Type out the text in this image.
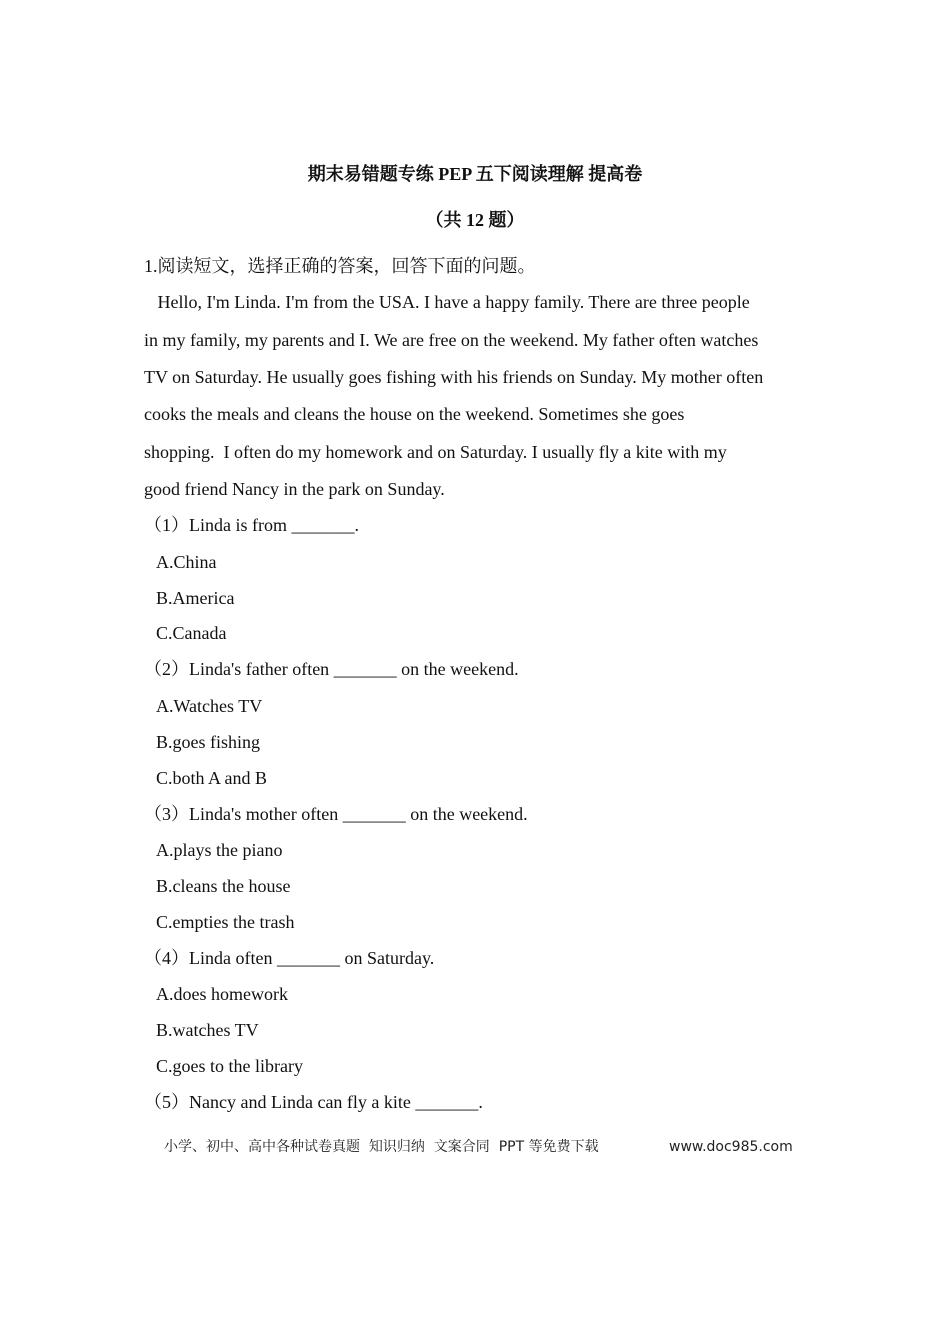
期末易错题专练 PEP 五下阅读理解 提高卷
（共 12 题）
1.阅读短文，选择正确的答案，回答下面的问题。
Hello, I'm Linda. I'm from the USA. I have a happy family. There are three people
in my family, my parents and I. We are free on the weekend. My father often watches
TV on Saturday. He usually goes fishing with his friends on Sunday. My mother often
cooks the meals and cleans the house on the weekend. Sometimes she goes
shopping.  I often do my homework and on Saturday. I usually fly a kite with my
good friend Nancy in the park on Sunday.
（1）Linda is from _______.
A.China
B.America
C.Canada
（2）Linda's father often _______ on the weekend.
A.Watches TV
B.goes fishing
C.both A and B
（3）Linda's mother often _______ on the weekend.
A.plays the piano
B.cleans the house
C.empties the trash
（4）Linda often _______ on Saturday.
A.does homework
B.watches TV
C.goes to the library
（5）Nancy and Linda can fly a kite _______.
小学、初中、高中各种试卷真题  知识归纳  文案合同  PPT 等免费下载	www.doc985.com
